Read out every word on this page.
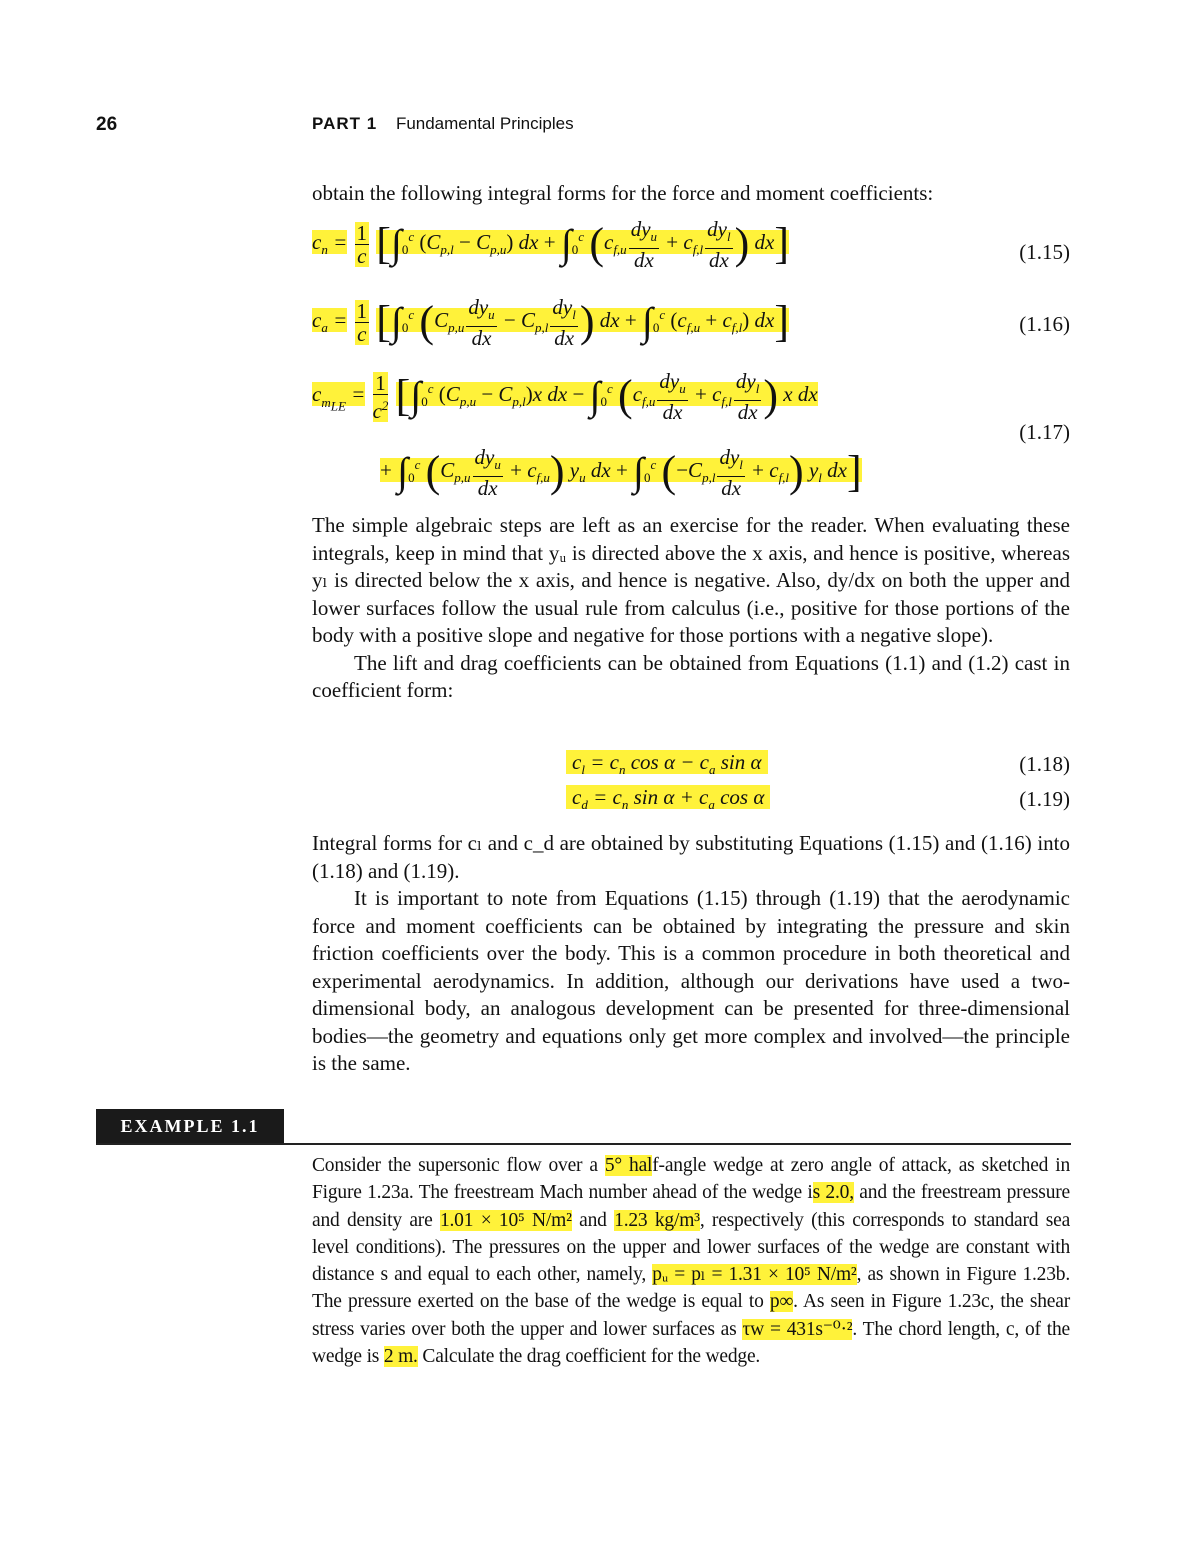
26	PART 1 Fundamental Principles

obtain the following integral forms for the force and moment coefficients:

$c_n = \frac{1}{c} [\int_0^c$ $(C_{p,l} - C_{p,u})$ dx + $\int_0^c$ ($c_{f,u} \frac{dy_u}{dx} + c_{f,l} \frac{dy_l}{dx}$ ) dx]	(1.15)
$c_a = \frac{1}{c} [\int_0^c$ ($C_{p,u} \frac{dy_u}{dx} - C_{p,l} \frac{dy_l}{dx}$ ) dx + $\int_0^c$ $(c_{f,u} + c_{f,l})$ dx]	(1.16)
$c_{m_{LE}} = \frac{1}{c^2} [\int_0^c$ $(C_{p,u} - C_{p,l})x$ dx − $\int_0^c$ ($c_{f,u} \frac{dy_u}{dx} + c_{f,l} \frac{dy_l}{dx}$ ) x dx
+ $\int_0^c$ $(C_{p,u} \frac{dy_u}{dx} + c_{f,u})$ $y_u$ dx + $\int_0^c$ $(-C_{p,l} \frac{dy_l}{dx} + c_{f,l})$ $y_l$ dx]
(1.17)

The simple algebraic steps are left as an exercise for the reader. When evaluating these integrals, keep in mind that yᵤ is directed above the x axis, and hence is positive, whereas yₗ is directed below the x axis, and hence is negative. Also, dy/dx on both the upper and lower surfaces follow the usual rule from calculus (i.e., positive for those portions of the body with a positive slope and negative for those portions with a negative slope).

The lift and drag coefficients can be obtained from Equations (1.1) and (1.2) cast in coefficient form:

$c_l = c_n$ $\cos \alpha - c_a$ sin α	(1.18)
$c_d = c_n$ $\sin \alpha + c_a$ cos α	(1.19)

Integral forms for cₗ and c_d are obtained by substituting Equations (1.15) and (1.16) into (1.18) and (1.19).

It is important to note from Equations (1.15) through (1.19) that the aerodynamic force and moment coefficients can be obtained by integrating the pressure and skin friction coefficients over the body. This is a common procedure in both theoretical and experimental aerodynamics. In addition, although our derivations have used a two-dimensional body, an analogous development can be presented for three-dimensional bodies—the geometry and equations only get more complex and involved—the principle is the same.

EXAMPLE 1.1
Consider the supersonic flow over a 5° half-angle wedge at zero angle of attack, as sketched in Figure 1.23a. The freestream Mach number ahead of the wedge is 2.0, and the freestream pressure and density are 1.01 × 10⁵ N/m² and 1.23 kg/m³, respectively (this corresponds to standard sea level conditions). The pressures on the upper and lower surfaces of the wedge are constant with distance s and equal to each other, namely, pᵤ = pₗ = 1.31 × 10⁵ N/m², as shown in Figure 1.23b. The pressure exerted on the base of the wedge is equal to p∞. As seen in Figure 1.23c, the shear stress varies over both the upper and lower surfaces as τw = 431s⁻⁰·². The chord length, c, of the wedge is 2 m. Calculate the drag coefficient for the wedge.
